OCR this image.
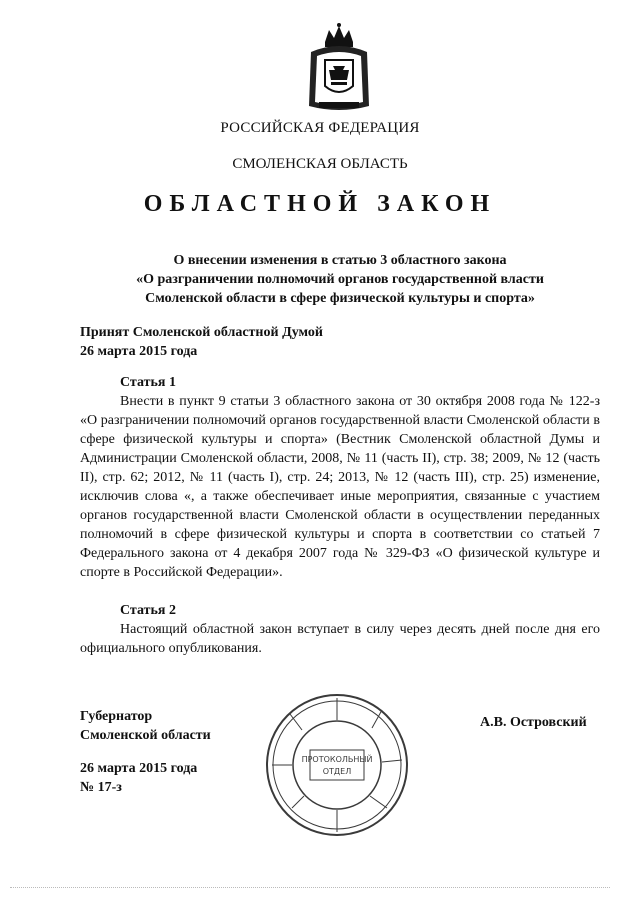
РОССИЙСКАЯ ФЕДЕРАЦИЯ
СМОЛЕНСКАЯ ОБЛАСТЬ
ОБЛАСТНОЙ ЗАКОН
О внесении изменения в статью 3 областного закона
«О разграничении полномочий органов государственной власти
Смоленской области в сфере физической культуры и спорта»
Принят Смоленской областной Думой
26 марта 2015 года
Статья 1

Внести в пункт 9 статьи 3 областного закона от 30 октября 2008 года № 122-з «О разграничении полномочий органов государственной власти Смоленской области в сфере физической культуры и спорта» (Вестник Смоленской областной Думы и Администрации Смоленской области, 2008, № 11 (часть II), стр. 38; 2009, № 12 (часть II), стр. 62; 2012, № 11 (часть I), стр. 24; 2013, № 12 (часть III), стр. 25) изменение, исключив слова «, а также обеспечивает иные мероприятия, связанные с участием органов государственной власти Смоленской области в осуществлении переданных полномочий в сфере физической культуры и спорта в соответствии со статьей 7 Федерального закона от 4 декабря 2007 года № 329-ФЗ «О физической культуре и спорте в Российской Федерации».

Статья 2

Настоящий областной закон вступает в силу через десять дней после дня его официального опубликования.

Губернатор
Смоленской области
А.В. Островский
26 марта 2015 года
№ 17-з
ПРОТОКОЛЬНЫЙ
ОТДЕЛ
